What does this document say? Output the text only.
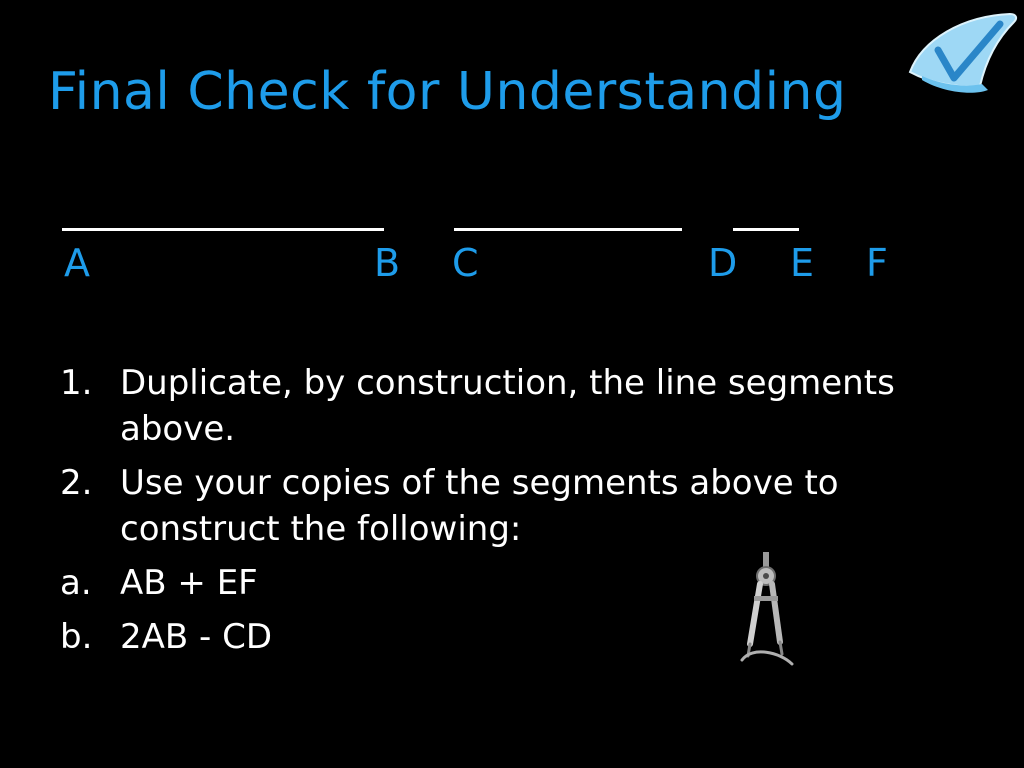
Final Check for Understanding
A	B C	D E F
1. Duplicate, by construction, the line segments above.
2. Use your copies of the segments above to construct the following:
a. AB + EF
b. 2AB - CD
